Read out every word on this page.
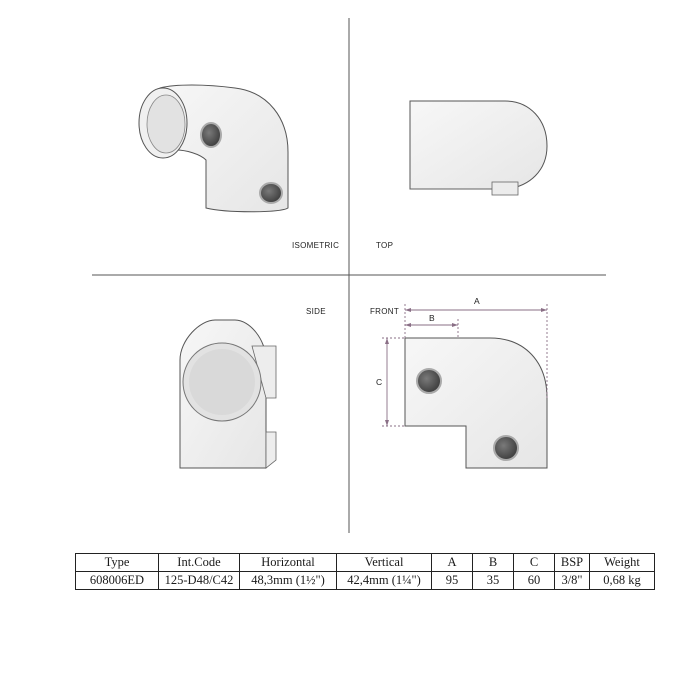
A
B
C
ISOMETRIC	TOP
SIDE	FRONT
Type	Int.Code	Horizontal	Vertical	A	B	C	BSP	Weight
608006ED	125-D48/C42	48,3mm (1½")	42,4mm (1¼")	95	35	60	3/8"	0,68 kg
